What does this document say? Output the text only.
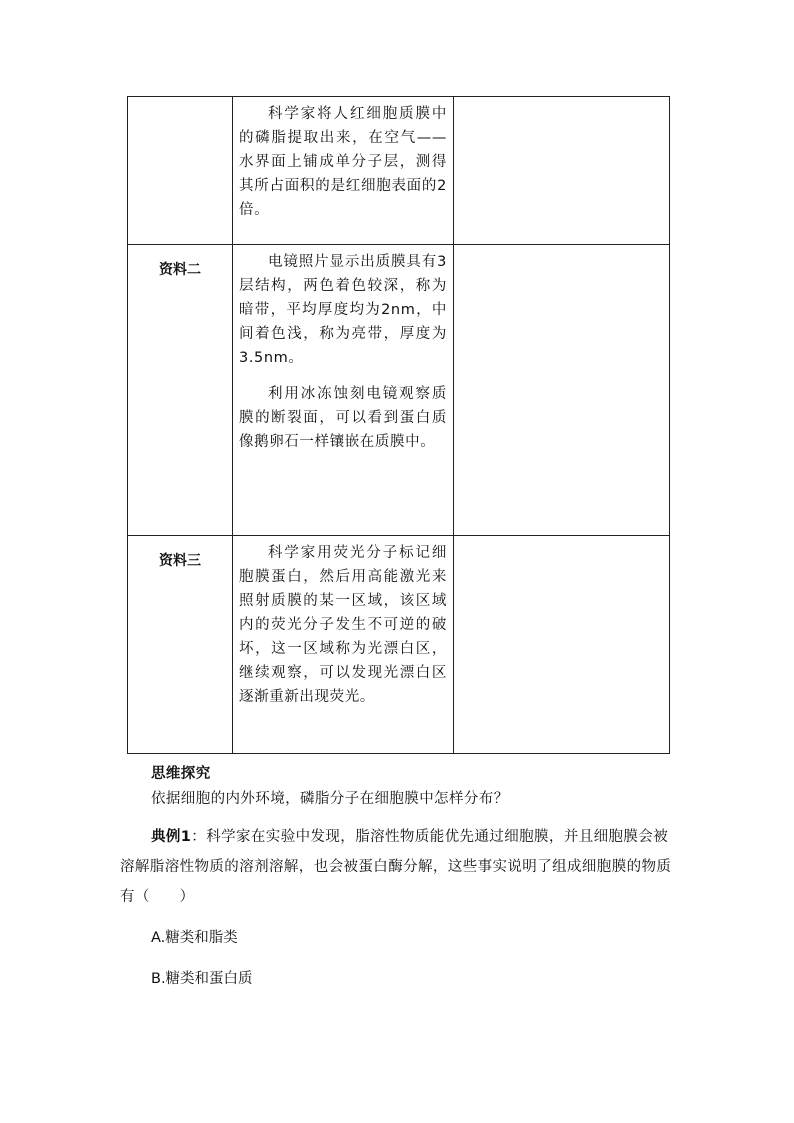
	科学家将人红细胞质膜中的磷脂提取出来，在空气——水界面上铺成单分子层，测得其所占面积的是红细胞表面的2倍。	

资料二	电镜照片显示出质膜具有3层结构，两色着色较深，称为暗带，平均厚度均为2nm，中间着色浅，称为亮带，厚度为3.5nm。

利用冰冻蚀刻电镜观察质膜的断裂面，可以看到蛋白质像鹅卵石一样镶嵌在质膜中。	

资料三	科学家用荧光分子标记细胞膜蛋白，然后用高能激光来照射质膜的某一区域，该区域内的荧光分子发生不可逆的破坏，这一区域称为光漂白区，继续观察，可以发现光漂白区逐渐重新出现荧光。	

思维探究
依据细胞的内外环境，磷脂分子在细胞膜中怎样分布？
典例1：科学家在实验中发现，脂溶性物质能优先通过细胞膜，并且细胞膜会被溶解脂溶性物质的溶剂溶解，也会被蛋白酶分解，这些事实说明了组成细胞膜的物质有（　　）
A.糖类和脂类
B.糖类和蛋白质
